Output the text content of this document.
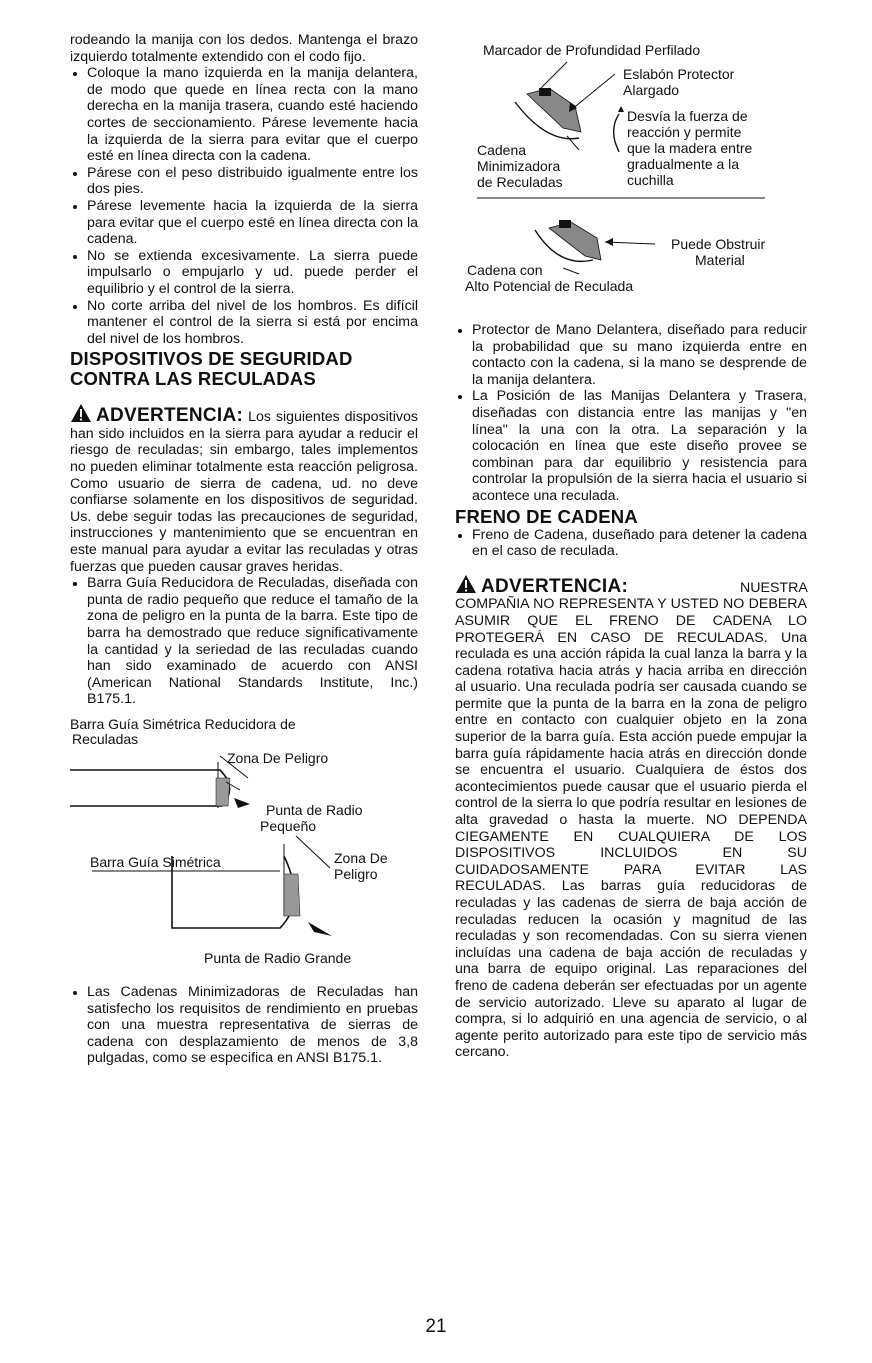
rodeando la manija con los dedos. Mantenga el brazo izquierdo totalmente extendido con el codo fijo.

• Coloque la mano izquierda en la manija delantera, de modo que quede en línea recta con la mano derecha en la manija trasera, cuando esté haciendo cortes de seccionamiento. Párese levemente hacia la izquierda de la sierra para evitar que el cuerpo esté en línea directa con la cadena.
• Párese con el peso distribuido igualmente entre los dos pies.
• Párese levemente hacia la izquierda de la sierra para evitar que el cuerpo esté en línea directa con la cadena.
• No se extienda excesivamente. La sierra puede impulsarlo o empujarlo y ud. puede perder el equilibrio y el control de la sierra.
• No corte arriba del nivel de los hombros. Es difícil mantener el control de la sierra si está por encima del nivel de los hombros.
DISPOSITIVOS DE SEGURIDAD CONTRA LAS RECULADAS

ADVERTENCIA: Los siguientes dispositivos han sido incluidos en la sierra para ayudar a reducir el riesgo de reculadas; sin embargo, tales implementos no pueden eliminar totalmente esta reacción peligrosa. Como usuario de sierra de cadena, ud. no deve confiarse solamente en los dispositivos de seguridad. Us. debe seguir todas las precauciones de seguridad, instrucciones y mantenimiento que se encuentran en este manual para ayudar a evitar las reculadas y otras fuerzas que pueden causar graves heridas.

• Barra Guía Reducidora de Reculadas, diseñada con punta de radio pequeño que reduce el tamaño de la zona de peligro en la punta de la barra. Este tipo de barra ha demostrado que reduce significativamente la cantidad y la seriedad de las reculadas cuando han sido examinado de acuerdo con ANSI (American National Standards Institute, Inc.) B175.1.
Barra Guía Simétrica Reducidora de
Reculadas
Zona De Peligro
Punta de Radio
Pequeño
Barra Guía Simétrica	Zona De
Peligro
Punta de Radio Grande
• Las Cadenas Minimizadoras de Reculadas han satisfecho los requisitos de rendimiento en pruebas con una muestra representativa de sierras de cadena con desplazamiento de menos de 3,8 pulgadas, como se especifica en ANSI B175.1.
Marcador de Profundidad Perfilado
Eslabón Protector
Alargado
Desvía la fuerza de
reacción y permite
que la madera entre
gradualmente a la
cuchilla
Cadena
Minimizadora
de Reculadas
Puede Obstruir
Material
Cadena con
Alto Potencial de Reculada
• Protector de Mano Delantera, diseñado para reducir la probabilidad que su mano izquierda entre en contacto con la cadena, si la mano se desprende de la manija delantera.
• La Posición de las Manijas Delantera y Trasera, diseñadas con distancia entre las manijas y "en línea" la una con la otra. La separación y la colocación en línea que este diseño provee se combinan para dar equilibrio y resistencia para controlar la propulsión de la sierra hacia el usuario si acontece una reculada.
FRENO DE CADENA
• Freno de Cadena, duseñado para detener la cadena en el caso de reculada.

ADVERTENCIA:	NUESTRA COMPAÑIA NO REPRESENTA Y USTED NO DEBERA ASUMIR QUE EL FRENO DE CADENA LO PROTEGERÁ EN CASO DE RECULADAS. Una reculada es una acción rápida la cual lanza la barra y la cadena rotativa hacia atrás y hacia arriba en dirección al usuario. Una reculada podría ser causada cuando se permite que la punta de la barra en la zona de peligro entre en contacto con cualquier objeto en la zona superior de la barra guía. Esta acción puede empujar la barra guía rápidamente hacia atrás en dirección donde se encuentra el usuario. Cualquiera de éstos dos acontecimientos puede causar que el usuario pierda el control de la sierra lo que podría resultar en lesiones de alta gravedad o hasta la muerte. NO DEPENDA CIEGAMENTE EN CUALQUIERA DE LOS DISPOSITIVOS INCLUIDOS EN SU CUIDADOSAMENTE PARA EVITAR LAS RECULADAS. Las barras guía reducidoras de reculadas y las cadenas de sierra de baja acción de reculadas reducen la ocasión y magnitud de las reculadas y son recomendadas. Con su sierra vienen incluídas una cadena de baja acción de reculadas y una barra de equipo original. Las reparaciones del freno de cadena deberán ser efectuadas por un agente de servicio autorizado. Lleve su aparato al lugar de compra, si lo adquirió en una agencia de servicio, o al agente perito autorizado para este tipo de servicio más cercano.

21
